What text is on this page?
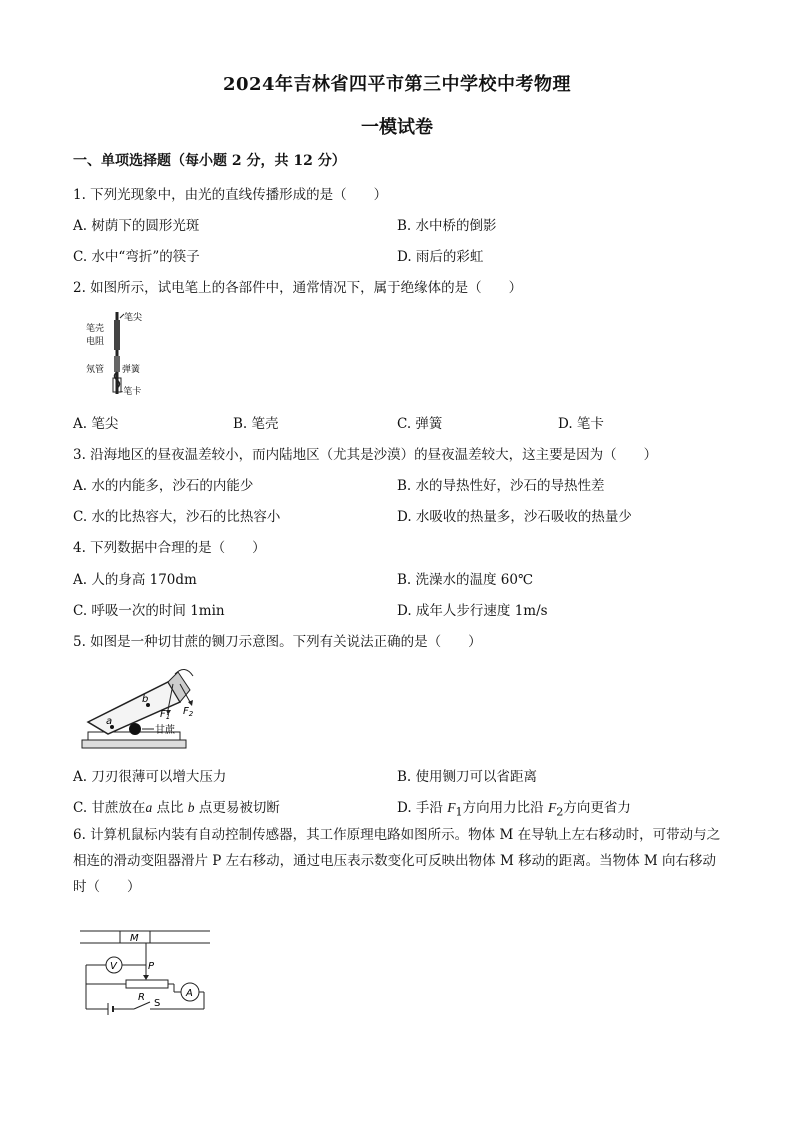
2024年吉林省四平市第三中学校中考物理
一模试卷
一、单项选择题（每小题 2 分，共 12 分）
1. 下列光现象中，由光的直线传播形成的是（　　）
A. 树荫下的圆形光斑	B. 水中桥的倒影
C. 水中“弯折”的筷子	D. 雨后的彩虹
2. 如图所示，试电笔上的各部件中，通常情况下，属于绝缘体的是（　　）
笔尖
笔壳
电阻
氖管 弹簧
-笔卡
A. 笔尖	B. 笔壳	C. 弹簧	D. 笔卡
3. 沿海地区的昼夜温差较小，而内陆地区（尤其是沙漠）的昼夜温差较大，这主要是因为（　　）
A. 水的内能多，沙石的内能少	B. 水的导热性好，沙石的导热性差
C. 水的比热容大，沙石的比热容小	D. 水吸收的热量多，沙石吸收的热量少
4. 下列数据中合理的是（　　）
A. 人的身高 170dm	B. 洗澡水的温度 60℃
C. 呼吸一次的时间 1min	D. 成年人步行速度 1m/s
5. 如图是一种切甘蔗的铡刀示意图。下列有关说法正确的是（　　）
a
b
$F_1$ $F_2$
甘蔗
A. 刀刃很薄可以增大压力	B. 使用铡刀可以省距离
C. 甘蔗放在a 点比 b 点更易被切断	D. 手沿 $F_1$方向用力比沿 $F_2$方向更省力
6. 计算机鼠标内装有自动控制传感器，其工作原理电路如图所示。物体 M 在导轨上左右移动时，可带动与之相连的滑动变阻器滑片 P 左右移动，通过电压表示数变化可反映出物体 M 移动的距离。当物体 M 向右移动时（　　）
M
V	P
R	A
S
